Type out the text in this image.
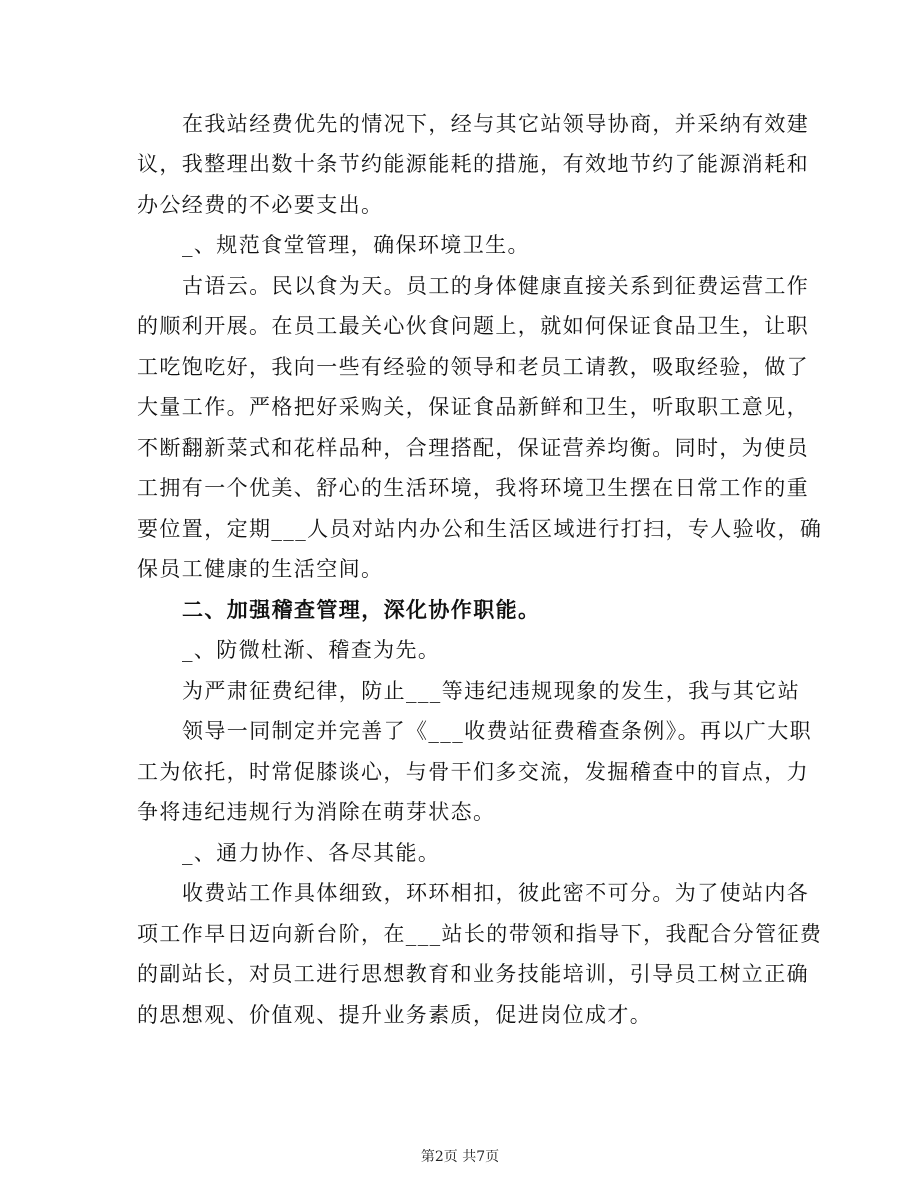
在我站经费优先的情况下，经与其它站领导协商，并采纳有效建
议，我整理出数十条节约能源能耗的措施，有效地节约了能源消耗和
办公经费的不必要支出。
_、规范食堂管理，确保环境卫生。
古语云。民以食为天。员工的身体健康直接关系到征费运营工作
的顺利开展。在员工最关心伙食问题上，就如何保证食品卫生，让职
工吃饱吃好，我向一些有经验的领导和老员工请教，吸取经验，做了
大量工作。严格把好采购关，保证食品新鲜和卫生，听取职工意见，
不断翻新菜式和花样品种，合理搭配，保证营养均衡。同时，为使员
工拥有一个优美、舒心的生活环境，我将环境卫生摆在日常工作的重
要位置，定期___人员对站内办公和生活区域进行打扫，专人验收，确
保员工健康的生活空间。
二、加强稽查管理，深化协作职能。
_、防微杜渐、稽查为先。
为严肃征费纪律，防止___等违纪违规现象的发生，我与其它站
领导一同制定并完善了《___收费站征费稽查条例》。再以广大职
工为依托，时常促膝谈心，与骨干们多交流，发掘稽查中的盲点，力
争将违纪违规行为消除在萌芽状态。
_、通力协作、各尽其能。
收费站工作具体细致，环环相扣，彼此密不可分。为了使站内各
项工作早日迈向新台阶，在___站长的带领和指导下，我配合分管征费
的副站长，对员工进行思想教育和业务技能培训，引导员工树立正确
的思想观、价值观、提升业务素质，促进岗位成才。
第2页 共7页
